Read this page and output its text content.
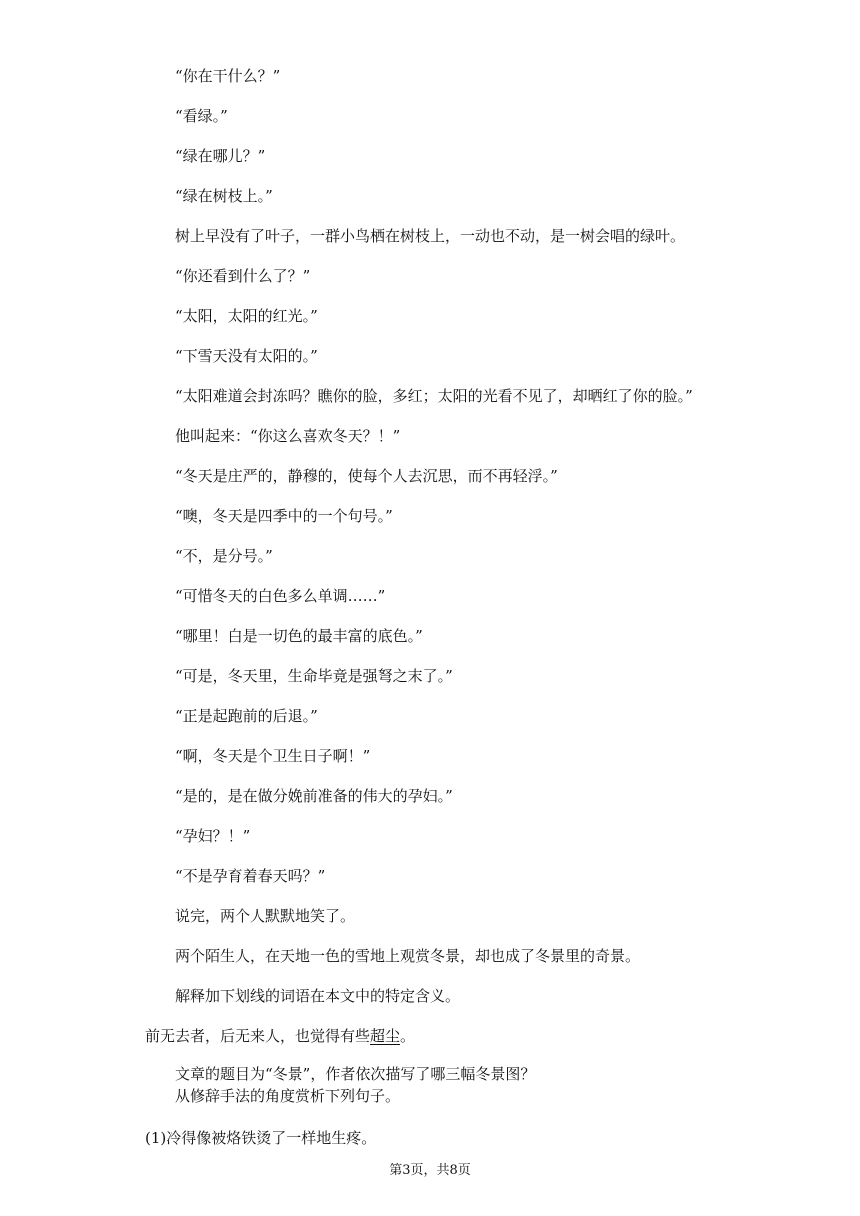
“你在干什么？”
“看绿。”
“绿在哪儿？”
“绿在树枝上。”
树上早没有了叶子，一群小鸟栖在树枝上，一动也不动，是一树会唱的绿叶。
“你还看到什么了？”
“太阳，太阳的红光。”
“下雪天没有太阳的。”
“太阳难道会封冻吗？瞧你的脸，多红；太阳的光看不见了，却晒红了你的脸。”
他叫起来：“你这么喜欢冬天？！”
“冬天是庄严的，静穆的，使每个人去沉思，而不再轻浮。”
“噢，冬天是四季中的一个句号。”
“不，是分号。”
“可惜冬天的白色多么单调……”
“哪里！白是一切色的最丰富的底色。”
“可是，冬天里，生命毕竟是强弩之末了。”
“正是起跑前的后退。”
“啊，冬天是个卫生日子啊！”
“是的，是在做分娩前准备的伟大的孕妇。”
“孕妇？！”
“不是孕育着春天吗？”
说完，两个人默默地笑了。
两个陌生人，在天地一色的雪地上观赏冬景，却也成了冬景里的奇景。
解释加下划线的词语在本文中的特定含义。
前无去者，后无来人，也觉得有些超尘。
文章的题目为“冬景”，作者依次描写了哪三幅冬景图？
从修辞手法的角度赏析下列句子。
(1)冷得像被烙铁烫了一样地生疼。
第3页，共8页
